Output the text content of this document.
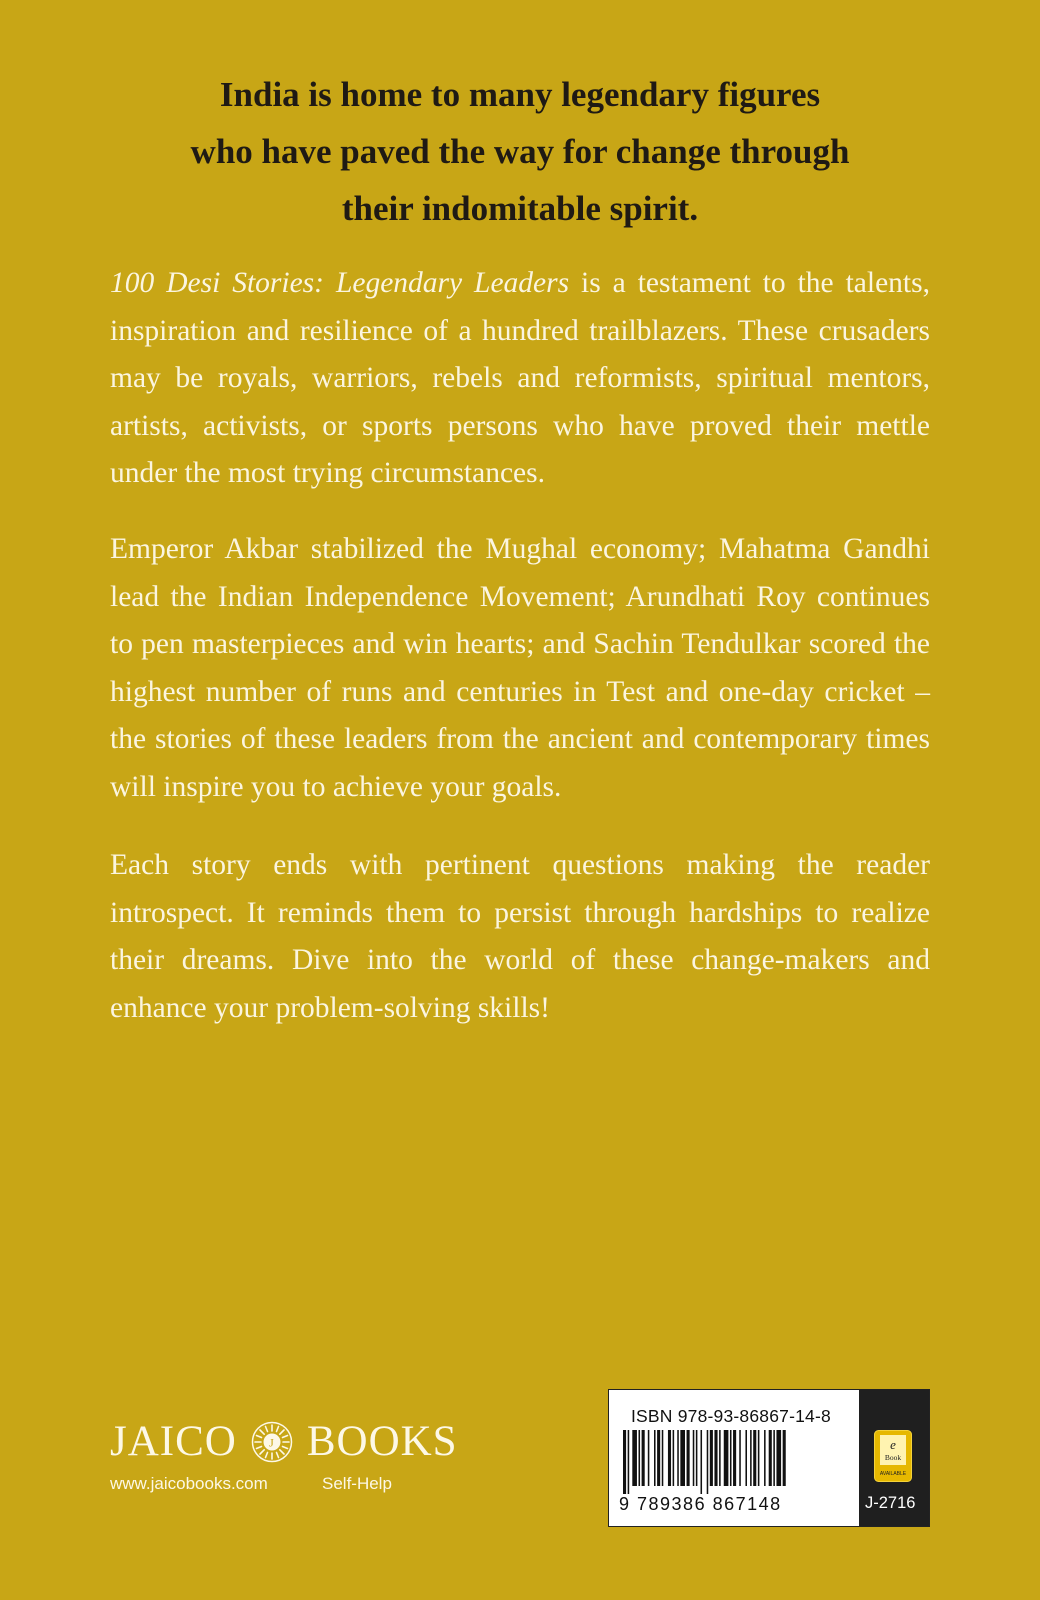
India is home to many legendary figures
who have paved the way for change through
their indomitable spirit.

100 Desi Stories: Legendary Leaders is a testament to the talents, inspiration and resilience of a hundred trailblazers. These crusaders may be royals, warriors, rebels and reformists, spiritual mentors, artists, activists, or sports persons who have proved their mettle under the most trying circumstances.

Emperor Akbar stabilized the Mughal economy; Mahatma Gandhi lead the Indian Independence Movement; Arundhati Roy continues to pen masterpieces and win hearts; and Sachin Tendulkar scored the highest number of runs and centuries in Test and one-day cricket – the stories of these leaders from the ancient and contemporary times will inspire you to achieve your goals.

Each story ends with pertinent questions making the reader introspect. It reminds them to persist through hardships to realize their dreams. Dive into the world of these change-makers and enhance your problem-solving skills!

JAICO	J BOOKS
www.jaicobooks.com	Self-Help
ISBN 978-93-86867-14-8
9 789386 867148
e
Book
AVAILABLE
J-2716
